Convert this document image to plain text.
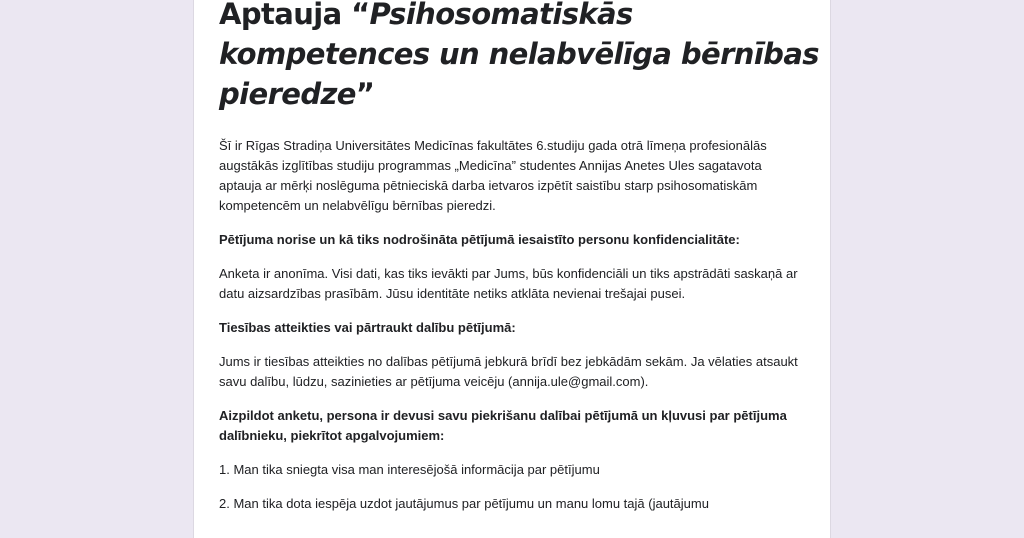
Aptauja “Psihosomatiskās kompetences un nelabvēlīga bērnības pieredze”

Šī ir Rīgas Stradiņa Universitātes Medicīnas fakultātes 6.studiju gada otrā līmeņa profesionālās augstākās izglītības studiju programmas „Medicīna” studentes Annijas Anetes Ules sagatavota aptauja ar mērķi noslēguma pētnieciskā darba ietvaros izpētīt saistību starp psihosomatiskām kompetencēm un nelabvēlīgu bērnības pieredzi.

Pētījuma norise un kā tiks nodrošināta pētījumā iesaistīto personu konfidencialitāte:

Anketa ir anonīma. Visi dati, kas tiks ievākti par Jums, būs konfidenciāli un tiks apstrādāti saskaņā ar datu aizsardzības prasībām. Jūsu identitāte netiks atklāta nevienai trešajai pusei.

Tiesības atteikties vai pārtraukt dalību pētījumā:

Jums ir tiesības atteikties no dalības pētījumā jebkurā brīdī bez jebkādām sekām. Ja vēlaties atsaukt savu dalību, lūdzu, sazinieties ar pētījuma veicēju (annija.ule@gmail.com).

Aizpildot anketu, persona ir devusi savu piekrišanu dalībai pētījumā un kļuvusi par pētījuma dalībnieku, piekrītot apgalvojumiem:

1. Man tika sniegta visa man interesējošā informācija par pētījumu

2. Man tika dota iespēja uzdot jautājumus par pētījumu un manu lomu tajā (jautājumu
